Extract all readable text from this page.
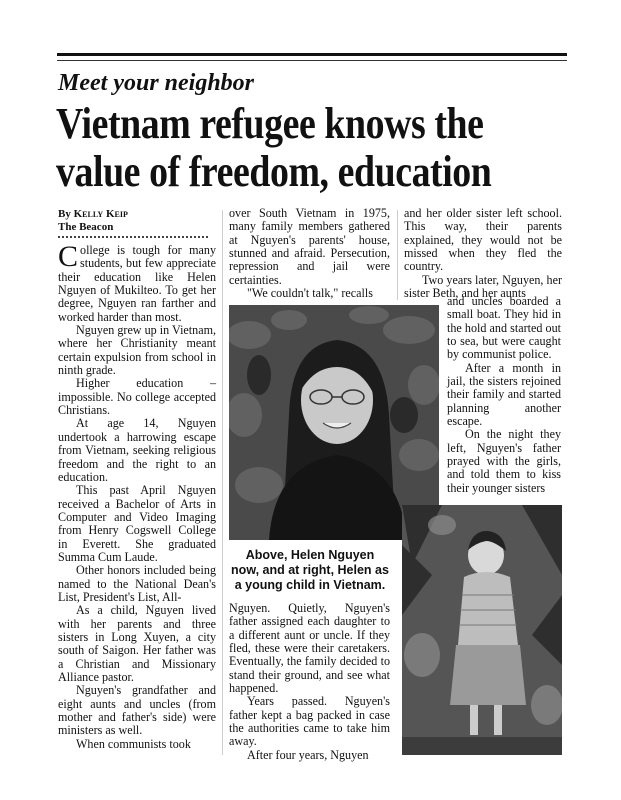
Meet your neighbor
Vietnam refugee knows the
value of freedom, education
By Kelly Keip
The Beacon

College is tough for many students, but few appreciate their education like Helen Nguyen of Mukilteo. To get her degree, Nguyen ran farther and worked harder than most.

Nguyen grew up in Vietnam, where her Christianity meant certain expulsion from school in ninth grade.

Higher education – impossible. No college accepted Christians.

At age 14, Nguyen undertook a harrowing escape from Vietnam, seeking religious freedom and the right to an education.

This past April Nguyen received a Bachelor of Arts in Computer and Video Imaging from Henry Cogswell College in Everett. She graduated Summa Cum Laude.

Other honors included being named to the National Dean's List, President's List, All-

As a child, Nguyen lived with her parents and three sisters in Long Xuyen, a city south of Saigon. Her father was a Christian and Missionary Alliance pastor.

Nguyen's grandfather and eight aunts and uncles (from mother and father's side) were ministers as well.

When communists took

over South Vietnam in 1975, many family members gathered at Nguyen's parents' house, stunned and afraid. Persecution, repression and jail were certainties.

"We couldn't talk," recalls

and her older sister left school. This way, their parents explained, they would not be missed when they fled the country.

Two years later, Nguyen, her sister Beth, and her aunts

and uncles boarded a small boat. They hid in the hold and started out to sea, but were caught by communist police.

After a month in jail, the sisters rejoined their family and started planning another escape.

On the night they left, Nguyen's father prayed with the girls, and told them to kiss their younger sisters

Above, Helen Nguyen now, and at right, Helen as a young child in Vietnam.

Nguyen. Quietly, Nguyen's father assigned each daughter to a different aunt or uncle. If they fled, these were their caretakers. Eventually, the family decided to stand their ground, and see what happened.

Years passed. Nguyen's father kept a bag packed in case the authorities came to take him away.

After four years, Nguyen
